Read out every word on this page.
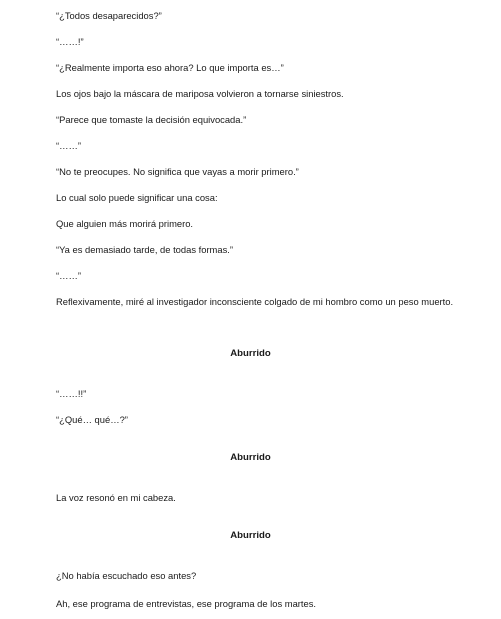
“¿Todos desaparecidos?”

“……!”

“¿Realmente importa eso ahora? Lo que importa es…”

Los ojos bajo la máscara de mariposa volvieron a tornarse siniestros.

“Parece que tomaste la decisión equivocada.”

“……”

“No te preocupes. No significa que vayas a morir primero.”

Lo cual solo puede significar una cosa:

Que alguien más morirá primero.

“Ya es demasiado tarde, de todas formas.”

“……”

Reflexivamente, miré al investigador inconsciente colgado de mi hombro como un peso muerto.

Aburrido

“……!!”

“¿Qué… qué…?”

Aburrido

La voz resonó en mi cabeza.

Aburrido

¿No había escuchado eso antes?

Ah, ese programa de entrevistas, ese programa de los martes.
